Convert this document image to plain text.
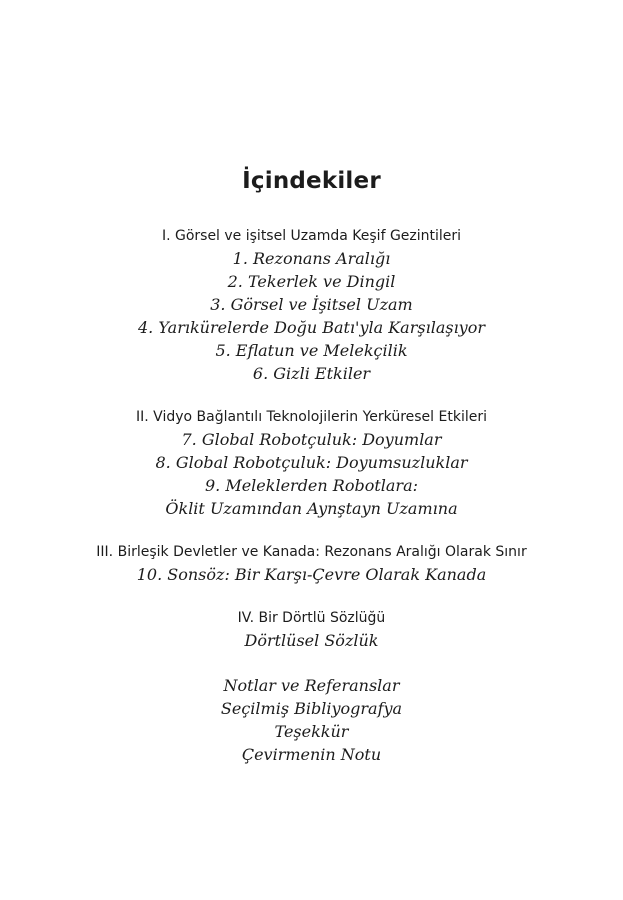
İçindekiler
I. Görsel ve işitsel Uzamda Keşif Gezintileri
1. Rezonans Aralığı
2. Tekerlek ve Dingil
3. Görsel ve İşitsel Uzam
4. Yarıkürelerde Doğu Batı'yla Karşılaşıyor
5. Eflatun ve Melekçilik
6. Gizli Etkiler
II. Vidyo Bağlantılı Teknolojilerin Yerküresel Etkileri
7. Global Robotçuluk: Doyumlar
8. Global Robotçuluk: Doyumsuzluklar
9. Meleklerden Robotlara:
Öklit Uzamından Aynştayn Uzamına
III. Birleşik Devletler ve Kanada: Rezonans Aralığı Olarak Sınır
10. Sonsöz: Bir Karşı-Çevre Olarak Kanada
IV. Bir Dörtlü Sözlüğü
Dörtlüsel Sözlük
Notlar ve Referanslar
Seçilmiş Bibliyografya
Teşekkür
Çevirmenin Notu
